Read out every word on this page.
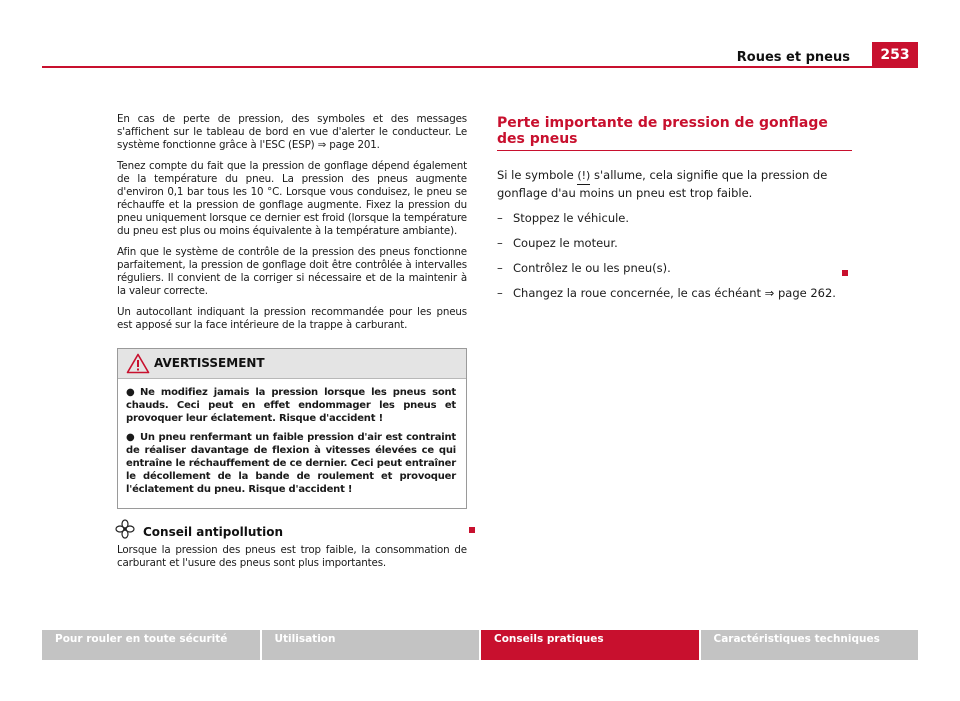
Roues et pneus	253

En cas de perte de pression, des symboles et des messages s'affichent sur le tableau de bord en vue d'alerter le conducteur. Le système fonctionne grâce à l'ESC (ESP) ⇒ page 201.

Tenez compte du fait que la pression de gonflage dépend également de la température du pneu. La pression des pneus augmente d'environ 0,1 bar tous les 10 °C. Lorsque vous conduisez, le pneu se réchauffe et la pression de gonflage augmente. Fixez la pression du pneu uniquement lorsque ce dernier est froid (lorsque la température du pneu est plus ou moins équivalente à la température ambiante).

Afin que le système de contrôle de la pression des pneus fonctionne parfaitement, la pression de gonflage doit être contrôlée à intervalles réguliers. Il convient de la corriger si nécessaire et de la maintenir à la valeur correcte.

Un autocollant indiquant la pression recommandée pour les pneus est apposé sur la face intérieure de la trappe à carburant.

AVERTISSEMENT

● Ne modifiez jamais la pression lorsque les pneus sont chauds. Ceci peut en effet endommager les pneus et provoquer leur éclatement. Risque d'accident !

● Un pneu renfermant un faible pression d'air est contraint de réaliser davantage de flexion à vitesses élevées ce qui entraîne le réchauffement de ce dernier. Ceci peut entraîner le décollement de la bande de roulement et provoquer l'éclatement du pneu. Risque d'accident !

Conseil antipollution
Lorsque la pression des pneus est trop faible, la consommation de carburant et l'usure des pneus sont plus importantes.
Perte importante de pression de gonflage des pneus
Si le symbole (!) s'allume, cela signifie que la pression de gonflage d'au moins un pneu est trop faible.
– Stoppez le véhicule.
– Coupez le moteur.
– Contrôlez le ou les pneu(s).
– Changez la roue concernée, le cas échéant ⇒ page 262.
Pour rouler en toute sécurité	Utilisation	Conseils pratiques	Caractéristiques techniques
